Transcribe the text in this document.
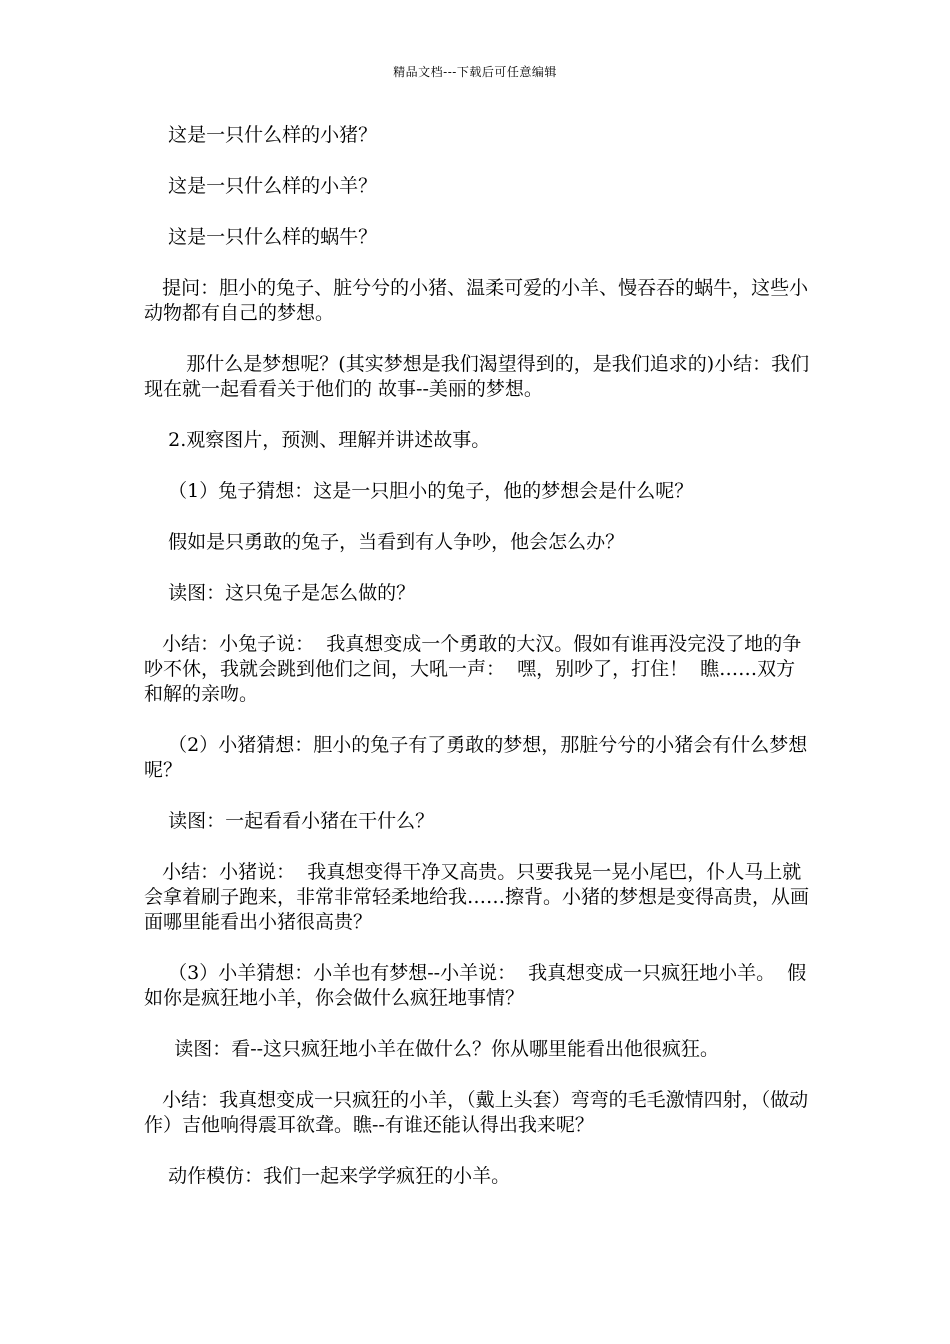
精品文档---下载后可任意编辑

这是一只什么样的小猪？

这是一只什么样的小羊？

这是一只什么样的蜗牛？

提问：胆小的兔子、脏兮兮的小猪、温柔可爱的小羊、慢吞吞的蜗牛，这些小动物都有自己的梦想。

那什么是梦想呢？(其实梦想是我们渴望得到的，是我们追求的)小结：我们现在就一起看看关于他们的 故事--美丽的梦想。

2.观察图片，预测、理解并讲述故事。

（1）兔子猜想：这是一只胆小的兔子，他的梦想会是什么呢？

假如是只勇敢的兔子，当看到有人争吵，他会怎么办？

读图：这只兔子是怎么做的？

小结：小兔子说：  我真想变成一个勇敢的大汉。假如有谁再没完没了地的争吵不休，我就会跳到他们之间，大吼一声：  嘿，别吵了，打住！  瞧……双方和解的亲吻。

（2）小猪猜想：胆小的兔子有了勇敢的梦想，那脏兮兮的小猪会有什么梦想呢？

读图：一起看看小猪在干什么？

小结：小猪说：  我真想变得干净又高贵。只要我晃一晃小尾巴，仆人马上就会拿着刷子跑来，非常非常轻柔地给我……擦背。小猪的梦想是变得高贵，从画面哪里能看出小猪很高贵？

（3）小羊猜想：小羊也有梦想--小羊说：  我真想变成一只疯狂地小羊。  假如你是疯狂地小羊，你会做什么疯狂地事情？

读图：看--这只疯狂地小羊在做什么？你从哪里能看出他很疯狂。

小结：我真想变成一只疯狂的小羊，（戴上头套）弯弯的毛毛激情四射，（做动作）吉他响得震耳欲聋。瞧--有谁还能认得出我来呢？

动作模仿：我们一起来学学疯狂的小羊。
